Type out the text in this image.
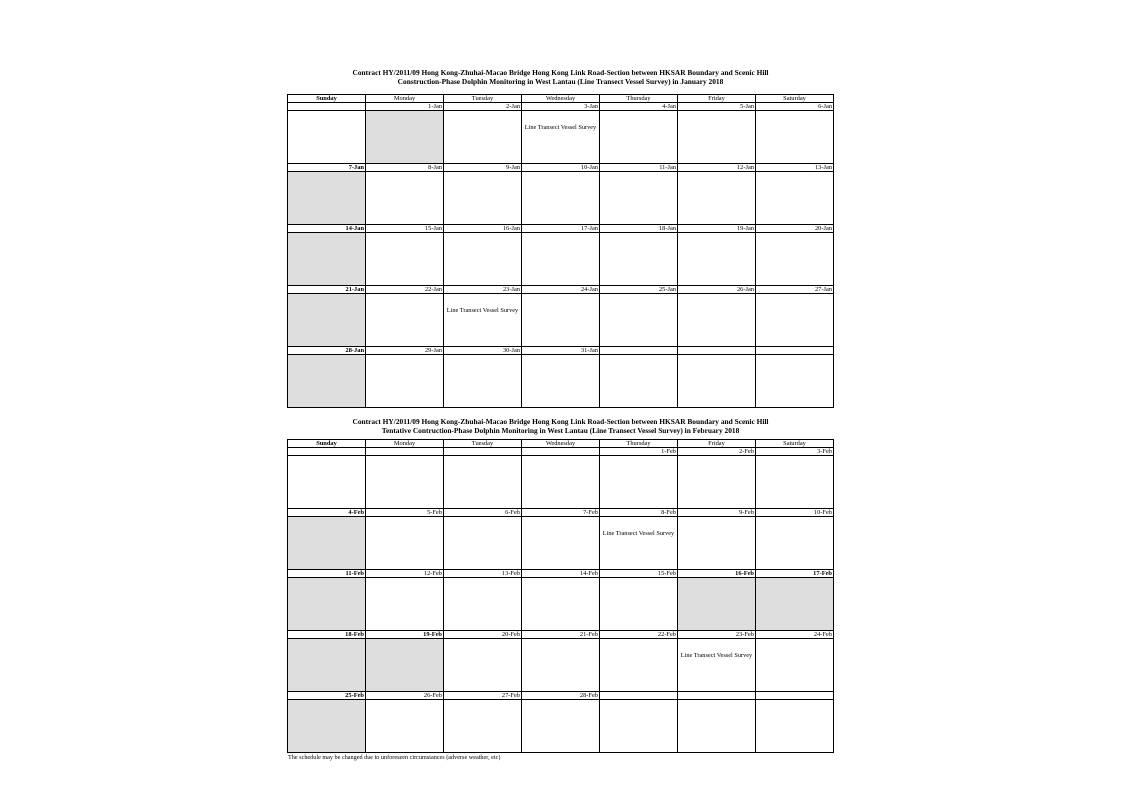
Contract HY/2011/09 Hong Kong-Zhuhai-Macao Bridge Hong Kong Link Road-Section between HKSAR Boundary and Scenic Hill
Construction-Phase Dolphin Monitoring in West Lantau (Line Transect Vessel Survey) in January 2018
Sunday	Monday	Tuesday	Wednesday	Thursday	Friday	Saturday
	1-Jan	2-Jan	3-Jan	4-Jan	5-Jan	6-Jan

			Line Transect Vessel Survey			

7-Jan	8-Jan	9-Jan	10-Jan	11-Jan	12-Jan	13-Jan

14-Jan	15-Jan	16-Jan	17-Jan	18-Jan	19-Jan	20-Jan

21-Jan	22-Jan	23-Jan	24-Jan	25-Jan	26-Jan	27-Jan

		Line Transect Vessel Survey				

28-Jan	29-Jan	30-Jan	31-Jan			

Contract HY/2011/09 Hong Kong-Zhuhai-Macao Bridge Hong Kong Link Road-Section between HKSAR Boundary and Scenic Hill
Tentative Contruction-Phase Dolphin Monitoring in West Lantau (Line Transect Vessel Survey) in February 2018
Sunday	Monday	Tuesday	Wednesday	Thursday	Friday	Saturday
				1-Feb	2-Feb	3-Feb

4-Feb	5-Feb	6-Feb	7-Feb	8-Feb	9-Feb	10-Feb

				Line Transect Vessel Survey		

11-Feb	12-Feb	13-Feb	14-Feb	15-Feb	16-Feb	17-Feb

18-Feb	19-Feb	20-Feb	21-Feb	22-Feb	23-Feb	24-Feb

					Line Transect Vessel Survey	

25-Feb	26-Feb	27-Feb	28-Feb			

The schedule may be changed due to unforeseen circumstances (adverse weather, etc)
